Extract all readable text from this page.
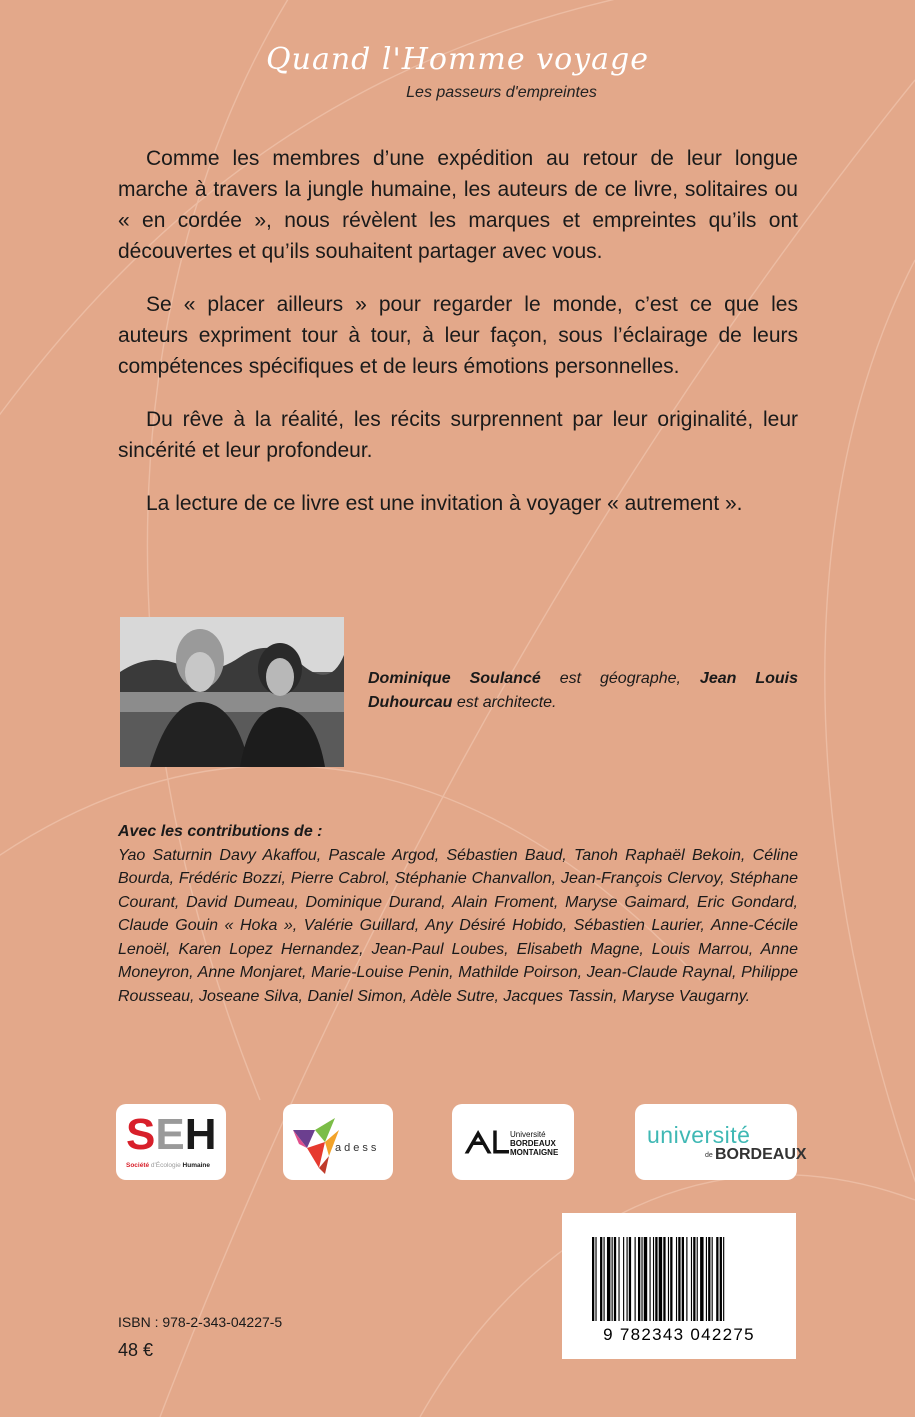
Quand l'Homme voyage
Les passeurs d'empreintes

Comme les membres d’une expédition au retour de leur longue marche à travers la jungle humaine, les auteurs de ce livre, solitaires ou « en cordée », nous révèlent les marques et empreintes qu’ils ont découvertes et qu’ils souhaitent partager avec vous.

Se « placer ailleurs » pour regarder le monde, c’est ce que les auteurs expriment tour à tour, à leur façon, sous l’éclairage de leurs compétences spécifiques et de leurs émotions personnelles.

Du rêve à la réalité, les récits surprennent par leur originalité, leur sincérité et leur profondeur.

La lecture de ce livre est une invitation à voyager « autrement ».

Dominique Soulancé est géographe, Jean Louis Duhourcau est architecte.
Avec les contributions de :
Yao Saturnin Davy Akaffou, Pascale Argod, Sébastien Baud, Tanoh Raphaël Bekoin, Céline Bourda, Frédéric Bozzi, Pierre Cabrol, Stéphanie Chanvallon, Jean-François Clervoy, Stéphane Courant, David Dumeau, Dominique Durand, Alain Froment, Maryse Gaimard, Eric Gondard, Claude Gouin « Hoka », Valérie Guillard, Any Désiré Hobido, Sébastien Laurier, Anne-Cécile Lenoël, Karen Lopez Hernandez, Jean-Paul Loubes, Elisabeth Magne, Louis Marrou, Anne Moneyron, Anne Monjaret, Marie-Louise Penin, Mathilde Poirson, Jean-Claude Raynal, Philippe Rousseau, Joseane Silva, Daniel Simon, Adèle Sutre, Jacques Tassin, Maryse Vaugarny.
SEH
Société d'Écologie Humaine
adess	ᗅᒪ Université
BORDEAUX
MONTAIGNE
université
de BORDEAUX
ISBN : 978-2-343-04227-5
48 €
9 782343 042275
